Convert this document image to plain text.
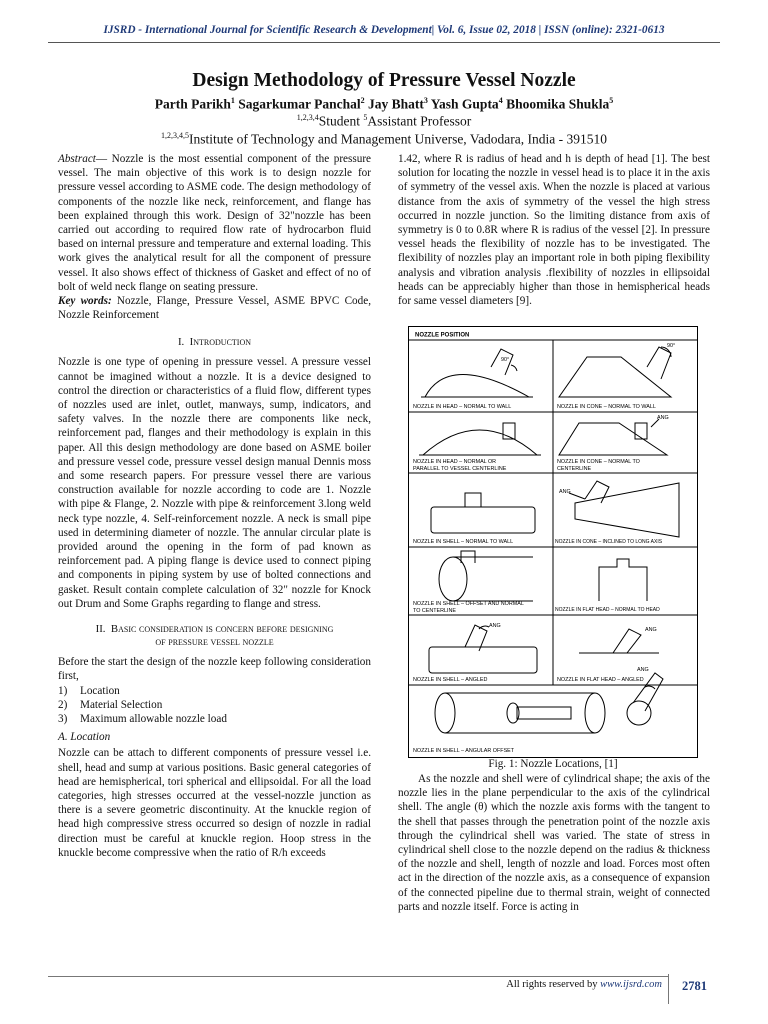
IJSRD - International Journal for Scientific Research & Development| Vol. 6, Issue 02, 2018 | ISSN (online): 2321-0613
Design Methodology of Pressure Vessel Nozzle
Parth Parikh$^1$ Sagarkumar Panchal$^2$ Jay Bhatt$^3$ Yash Gupta$^4$ Bhoomika Shukla$^5$
$^{1,2,3,4}$Student $^5$Assistant Professor
$^{1,2,3,4,5}$Institute of Technology and Management Universe, Vadodara, India - 391510

Abstract— Nozzle is the most essential component of the pressure vessel. The main objective of this work is to design nozzle for pressure vessel according to ASME code. The design methodology of components of the nozzle like neck, reinforcement, and flange has been explained through this work. Design of 32"nozzle has been carried out according to required flow rate of hydrocarbon fluid based on internal pressure and temperature and external loading. This work gives the analytical result for all the component of pressure vessel. It also shows effect of thickness of Gasket and effect of no of bolt of weld neck flange on seating pressure.

Key words: Nozzle, Flange, Pressure Vessel, ASME BPVC Code, Nozzle Reinforcement

I. Introduction

Nozzle is one type of opening in pressure vessel. A pressure vessel cannot be imagined without a nozzle. It is a device designed to control the direction or characteristics of a fluid flow, different types of nozzles used are inlet, outlet, manways, sump, indicators, and safety valves. In the nozzle there are components like neck, reinforcement pad, flanges and their methodology is explain in this paper. All this design methodology are done based on ASME boiler and pressure vessel code, pressure vessel design manual Dennis moss and some research papers. For pressure vessel there are various construction available for nozzle according to code are 1. Nozzle with pipe & Flange, 2. Nozzle with pipe & reinforcement 3.long weld neck type nozzle, 4. Self-reinforcement nozzle. A neck is small pipe used in determining diameter of nozzle. The annular circular plate is provided around the opening in the form of pad known as reinforcement pad. A piping flange is device used to connect piping and components in piping system by use of bolted connections and gasket. Result contain complete calculation of 32" nozzle for Knock out Drum and Some Graphs regarding to flange and stress.

II. Basic consideration is concern before designing
of pressure vessel nozzle

Before the start the design of the nozzle keep following consideration first,

1) Location
2) Material Selection
3) Maximum allowable nozzle load
A. Location

Nozzle can be attach to different components of pressure vessel i.e. shell, head and sump at various positions. Basic general categories of head are hemispherical, tori spherical and ellipsoidal. For all the load categories, high stresses occurred at the vessel-nozzle junction as there is a severe geometric discontinuity. At the knuckle region of head high compressive stress occurred so design of nozzle in radial direction must be careful at knuckle region. Hoop stress in the knuckle become compressive when the ratio of R/h exceeds

1.42, where R is radius of head and h is depth of head [1]. The best solution for locating the nozzle in vessel head is to place it in the axis of symmetry of the vessel axis. When the nozzle is placed at various distance from the axis of symmetry of the vessel the high stress occurred in nozzle junction. So the limiting distance from axis of symmetry is 0 to 0.8R where R is radius of the vessel [2]. In pressure vessel heads the flexibility of nozzle has to be investigated. The flexibility of nozzles play an important role in both piping flexibility analysis and vibration analysis .flexibility of nozzles in ellipsoidal heads can be appreciably higher than those in hemispherical heads for same vessel diameters [9].

NOZZLE POSITION
90°
90°
ANG
ANG
ANG
ANG
ANG
NOZZLE IN HEAD – NORMAL TO WALL	NOZZLE IN CONE – NORMAL TO WALL
NOZZLE IN HEAD – NORMAL OR
PARALLEL TO VESSEL CENTERLINE
NOZZLE IN CONE – NORMAL TO
CENTERLINE
NOZZLE IN SHELL – NORMAL TO WALL	NOZZLE IN CONE – INCLINED TO LONG AXIS
NOZZLE IN SHELL – OFFSET AND NORMAL
TO CENTERLINE	NOZZLE IN FLAT HEAD – NORMAL TO HEAD
NOZZLE IN SHELL – ANGLED	NOZZLE IN FLAT HEAD – ANGLED
NOZZLE IN SHELL – ANGULAR OFFSET
Fig. 1: Nozzle Locations, [1]

As the nozzle and shell were of cylindrical shape; the axis of the nozzle lies in the plane perpendicular to the axis of the cylindrical shell. The angle (θ) which the nozzle axis forms with the tangent to the shell that passes through the penetration point of the nozzle axis through the cylindrical shell was varied. The state of stress in cylindrical shell close to the nozzle depend on the radius & thickness of the nozzle and shell, length of nozzle and load. Forces most often act in the direction of the nozzle axis, as a consequence of expansion of the connected pipeline due to thermal strain, weight of connected parts and nozzle itself. Force is acting in

All rights reserved by www.ijsrd.com 2781
